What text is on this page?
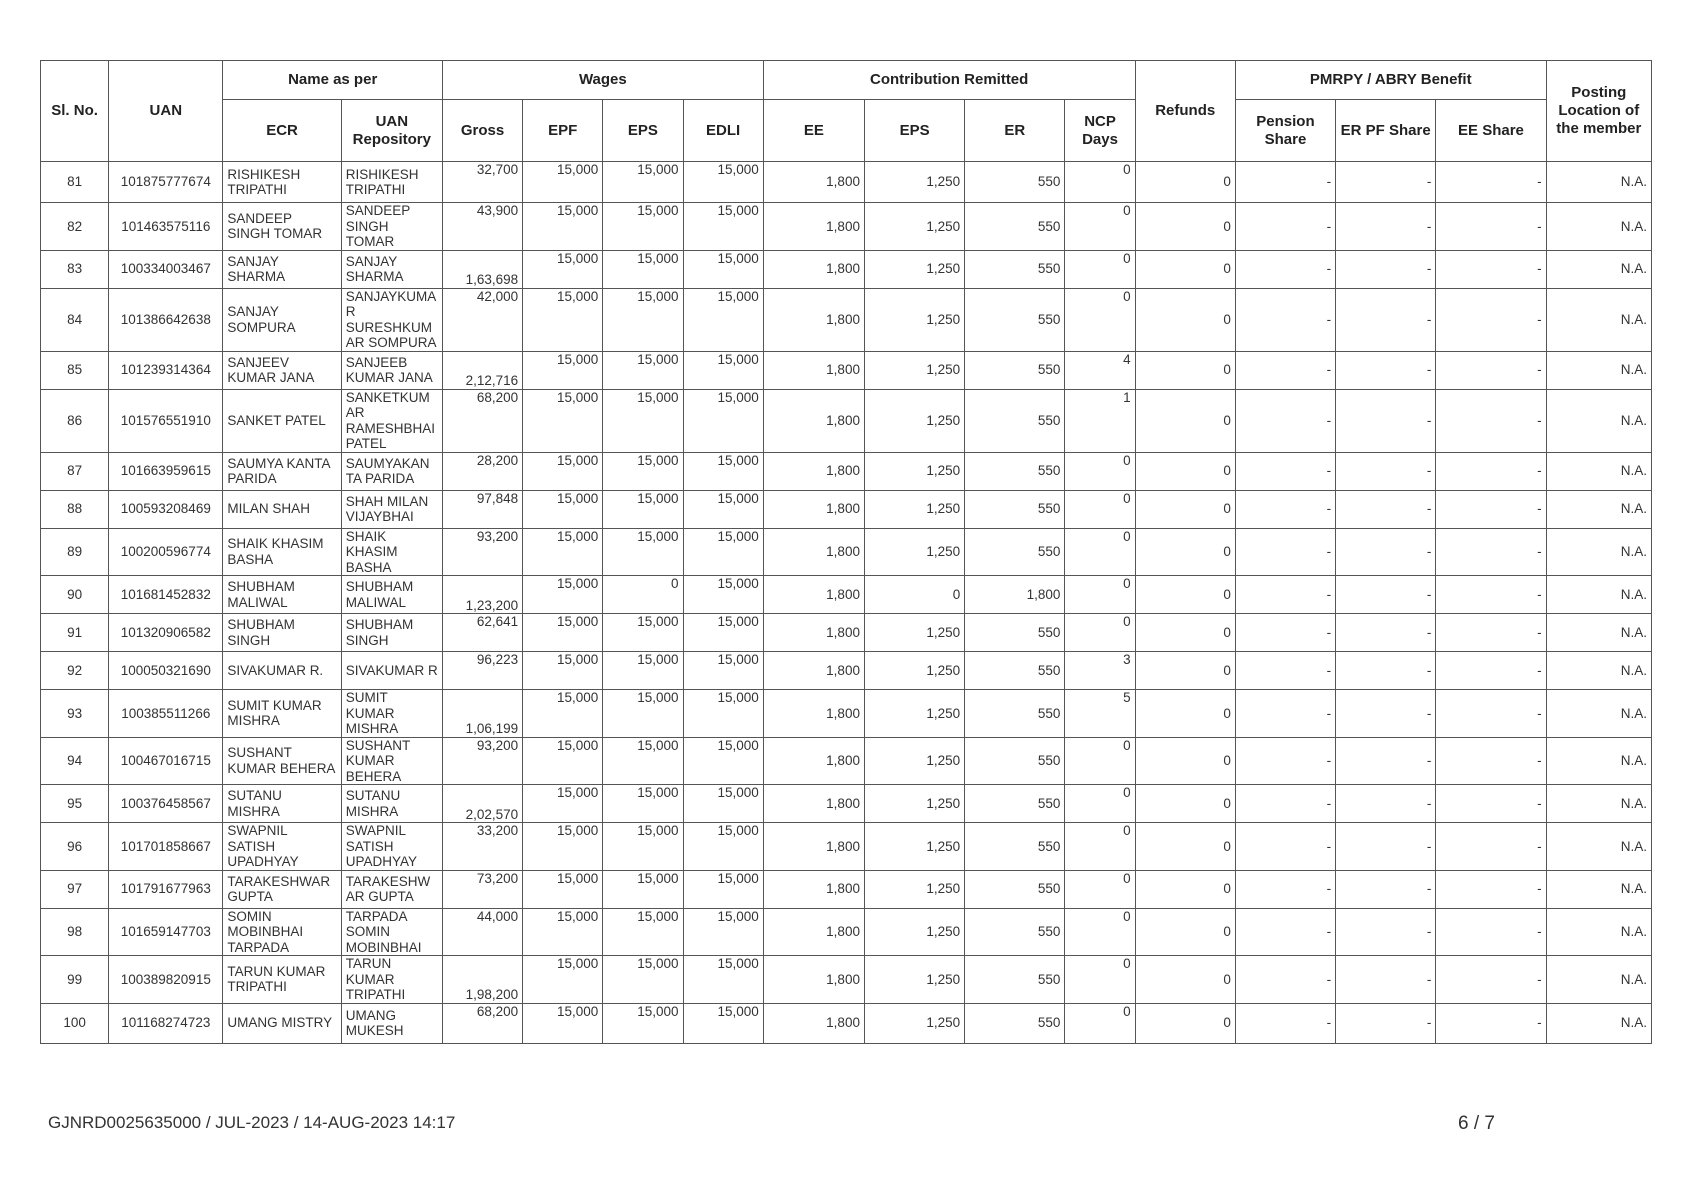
Sl. No.	UAN	Name as per		Wages				Contribution Remitted				Refunds	PMRPY / ABRY Benefit			Posting Location of the member
		ECR	UAN Repository	Gross	EPF	EPS	EDLI	EE	EPS	ER	NCP Days		Pension Share	ER PF Share	EE Share	
81	101875777674	RISHIKESH TRIPATHI	RISHIKESH TRIPATHI	32,700	15,000	15,000	15,000	1,800	1,250	550	0	0	-	-	-	N.A.
82	101463575116	SANDEEP SINGH TOMAR	SANDEEP SINGH TOMAR	43,900	15,000	15,000	15,000	1,800	1,250	550	0	0	-	-	-	N.A.
83	100334003467	SANJAY SHARMA	SANJAY SHARMA	1,63,698	15,000	15,000	15,000	1,800	1,250	550	0	0	-	-	-	N.A.
84	101386642638	SANJAY SOMPURA	SANJAYKUMA R SURESHKUM AR SOMPURA	42,000	15,000	15,000	15,000	1,800	1,250	550	0	0	-	-	-	N.A.
85	101239314364	SANJEEV KUMAR JANA	SANJEEB KUMAR JANA	2,12,716	15,000	15,000	15,000	1,800	1,250	550	4	0	-	-	-	N.A.
86	101576551910	SANKET PATEL	SANKETKUM AR RAMESHBHAI PATEL	68,200	15,000	15,000	15,000	1,800	1,250	550	1	0	-	-	-	N.A.
87	101663959615	SAUMYA KANTA PARIDA	SAUMYAKAN TA PARIDA	28,200	15,000	15,000	15,000	1,800	1,250	550	0	0	-	-	-	N.A.
88	100593208469	MILAN SHAH	SHAH MILAN VIJAYBHAI	97,848	15,000	15,000	15,000	1,800	1,250	550	0	0	-	-	-	N.A.
89	100200596774	SHAIK KHASIM BASHA	SHAIK KHASIM BASHA	93,200	15,000	15,000	15,000	1,800	1,250	550	0	0	-	-	-	N.A.
90	101681452832	SHUBHAM MALIWAL	SHUBHAM MALIWAL	1,23,200	15,000	0	15,000	1,800	0	1,800	0	0	-	-	-	N.A.
91	101320906582	SHUBHAM SINGH	SHUBHAM SINGH	62,641	15,000	15,000	15,000	1,800	1,250	550	0	0	-	-	-	N.A.
92	100050321690	SIVAKUMAR R.	SIVAKUMAR R	96,223	15,000	15,000	15,000	1,800	1,250	550	3	0	-	-	-	N.A.
93	100385511266	SUMIT KUMAR MISHRA	SUMIT KUMAR MISHRA	1,06,199	15,000	15,000	15,000	1,800	1,250	550	5	0	-	-	-	N.A.
94	100467016715	SUSHANT KUMAR BEHERA	SUSHANT KUMAR BEHERA	93,200	15,000	15,000	15,000	1,800	1,250	550	0	0	-	-	-	N.A.
95	100376458567	SUTANU MISHRA	SUTANU MISHRA	2,02,570	15,000	15,000	15,000	1,800	1,250	550	0	0	-	-	-	N.A.
96	101701858667	SWAPNIL SATISH UPADHYAY	SWAPNIL SATISH UPADHYAY	33,200	15,000	15,000	15,000	1,800	1,250	550	0	0	-	-	-	N.A.
97	101791677963	TARAKESHWAR GUPTA	TARAKESHW AR GUPTA	73,200	15,000	15,000	15,000	1,800	1,250	550	0	0	-	-	-	N.A.
98	101659147703	SOMIN MOBINBHAI TARPADA	TARPADA SOMIN MOBINBHAI	44,000	15,000	15,000	15,000	1,800	1,250	550	0	0	-	-	-	N.A.
99	100389820915	TARUN KUMAR TRIPATHI	TARUN KUMAR TRIPATHI	1,98,200	15,000	15,000	15,000	1,800	1,250	550	0	0	-	-	-	N.A.
100	101168274723	UMANG MISTRY	UMANG MUKESH	68,200	15,000	15,000	15,000	1,800	1,250	550	0	0	-	-	-	N.A.
GJNRD0025635000 / JUL-2023 / 14-AUG-2023 14:17	6 / 7
